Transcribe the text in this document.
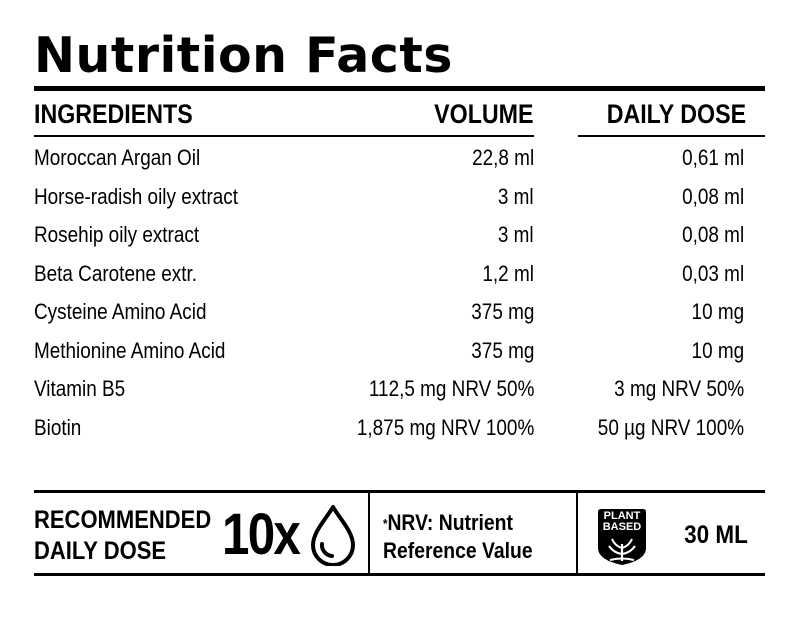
Nutrition Facts
INGREDIENTS	VOLUME	DAILY DOSE
Moroccan Argan Oil	22,8 ml	0,61 ml
Horse-radish oily extract	3 ml	0,08 ml
Rosehip oily extract	3 ml	0,08 ml
Beta Carotene extr.	1,2 ml	0,03 ml
Cysteine Amino Acid	375 mg	10 mg
Methionine Amino Acid	375 mg	10 mg
Vitamin B5	112,5 mg NRV 50%	3 mg NRV 50%
Biotin	1,875 mg NRV 100%	50 µg NRV 100%
RECOMMENDED
DAILY DOSE 10x	*NRV: Nutrient
Reference Value
PLANT
BASED	30 ML
